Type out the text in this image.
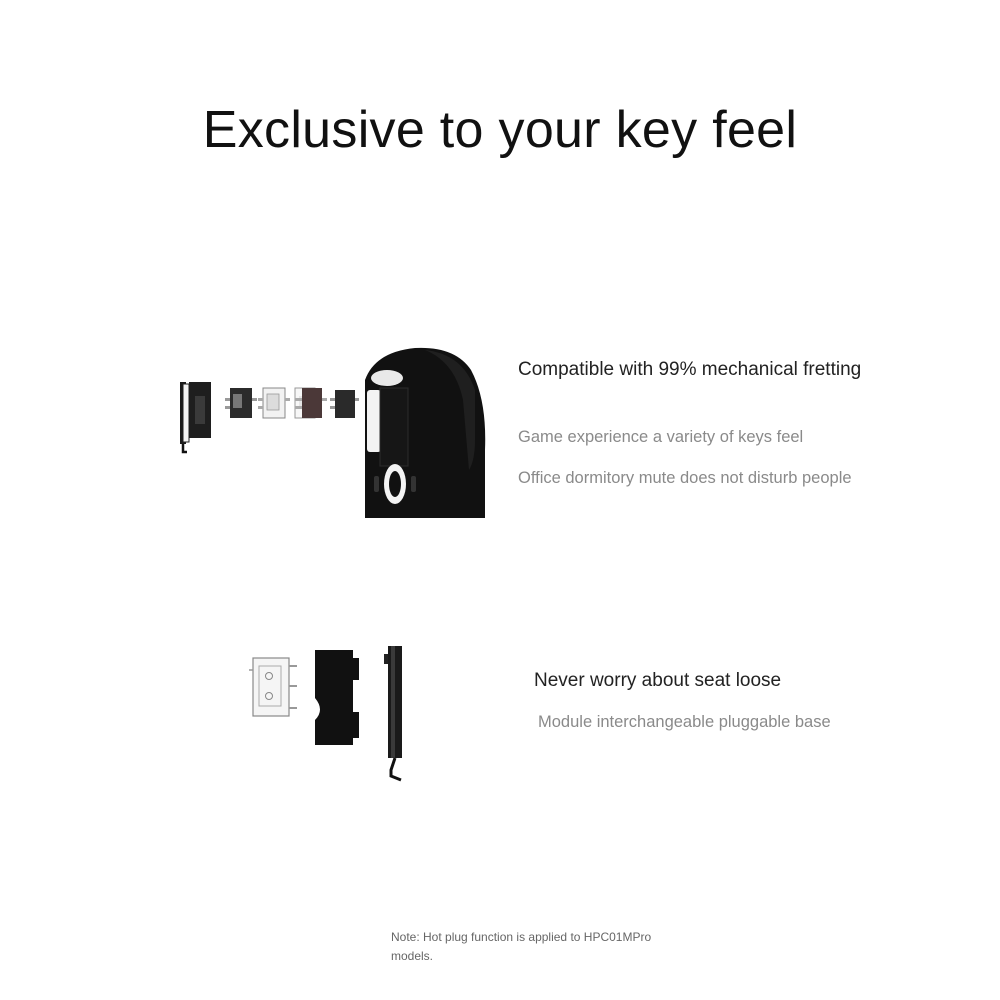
Exclusive to your key feel

Compatible with 99% mechanical fretting

Game experience a variety of keys feel

Office dormitory mute does not disturb people

Never worry about seat loose

Module interchangeable pluggable base

Note: Hot plug function is applied to HPC01MPro models.
